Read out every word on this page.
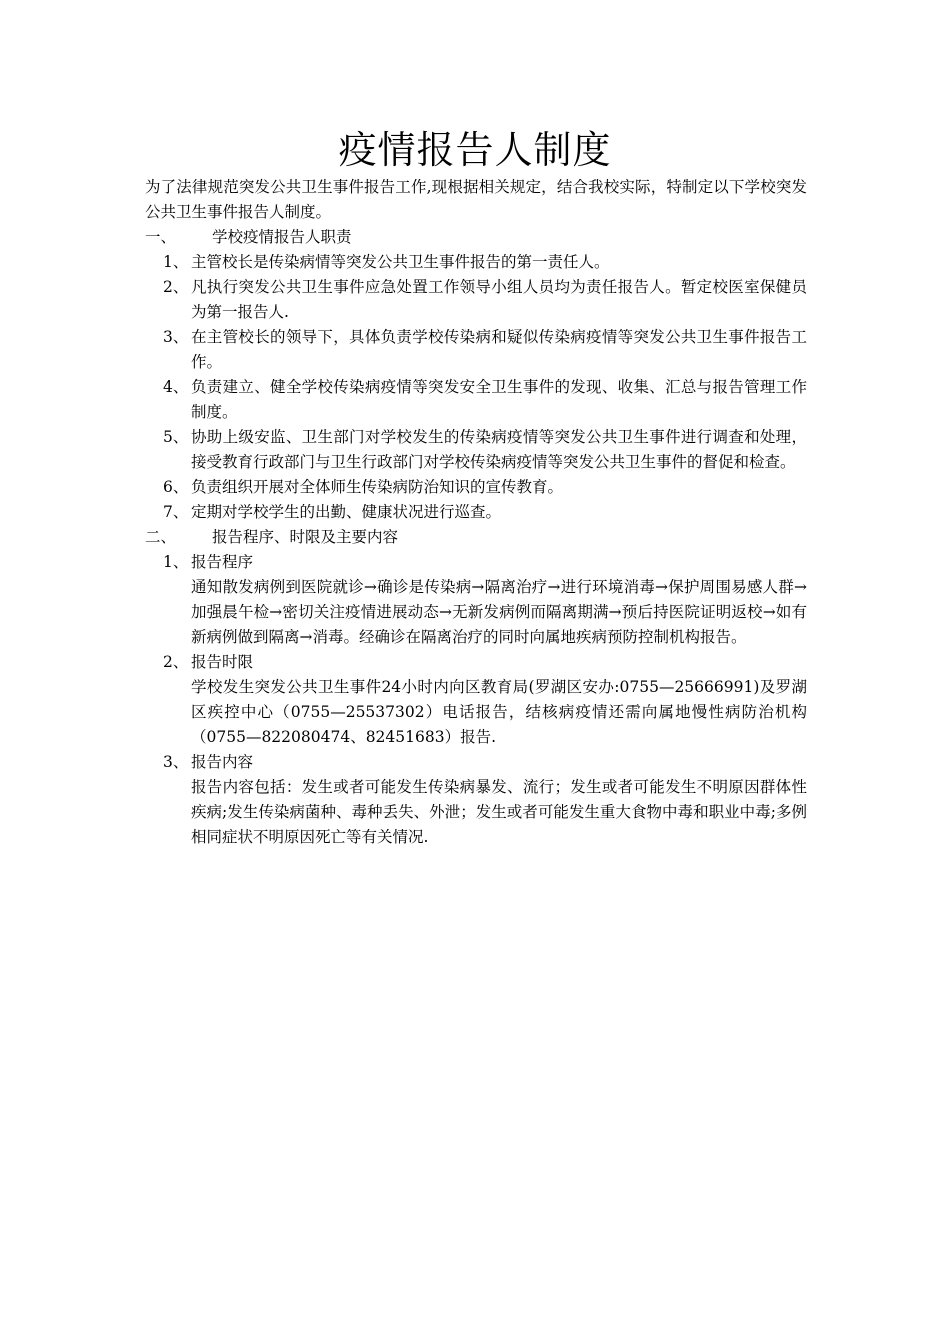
疫情报告人制度

为了法律规范突发公共卫生事件报告工作,现根据相关规定，结合我校实际，特制定以下学校突发公共卫生事件报告人制度。

一、 学校疫情报告人职责
1、 主管校长是传染病情等突发公共卫生事件报告的第一责任人。
2、 凡执行突发公共卫生事件应急处置工作领导小组人员均为责任报告人。暂定校医室保健员为第一报告人.
3、 在主管校长的领导下，具体负责学校传染病和疑似传染病疫情等突发公共卫生事件报告工作。
4、 负责建立、健全学校传染病疫情等突发安全卫生事件的发现、收集、汇总与报告管理工作制度。
5、 协助上级安监、卫生部门对学校发生的传染病疫情等突发公共卫生事件进行调查和处理，接受教育行政部门与卫生行政部门对学校传染病疫情等突发公共卫生事件的督促和检查。
6、 负责组织开展对全体师生传染病防治知识的宣传教育。
7、 定期对学校学生的出勤、健康状况进行巡查。
二、 报告程序、时限及主要内容
1、 报告程序

通知散发病例到医院就诊→确诊是传染病→隔离治疗→进行环境消毒→保护周围易感人群→加强晨午检→密切关注疫情进展动态→无新发病例而隔离期满→预后持医院证明返校→如有新病例做到隔离→消毒。经确诊在隔离治疗的同时向属地疾病预防控制机构报告。

2、 报告时限

学校发生突发公共卫生事件24小时内向区教育局(罗湖区安办:0755—25666991)及罗湖区疾控中心（0755—25537302）电话报告，结核病疫情还需向属地慢性病防治机构（0755—822080474、82451683）报告.

3、 报告内容

报告内容包括：发生或者可能发生传染病暴发、流行；发生或者可能发生不明原因群体性疾病;发生传染病菌种、毒种丢失、外泄；发生或者可能发生重大食物中毒和职业中毒;多例相同症状不明原因死亡等有关情况.
